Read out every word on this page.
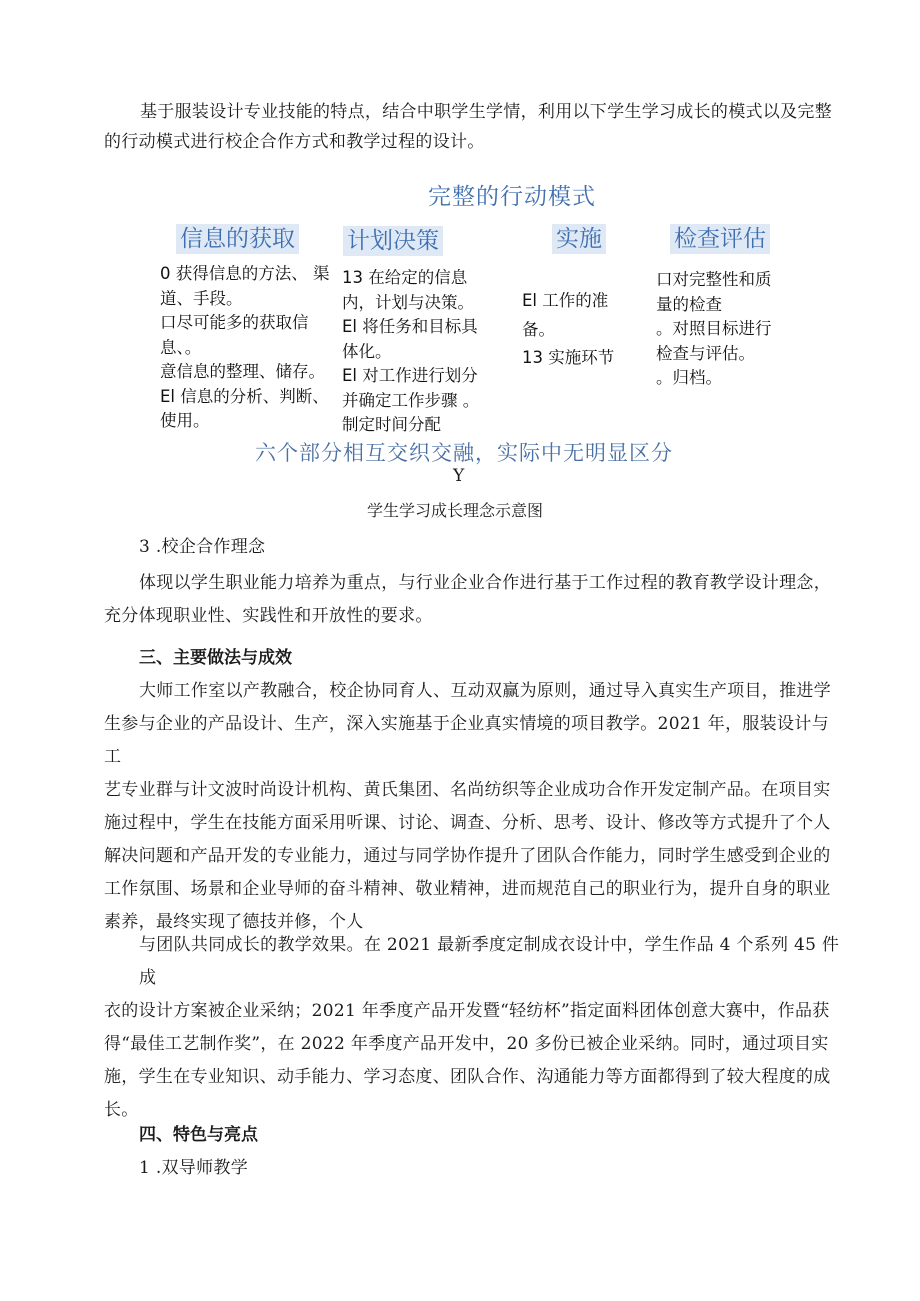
基于服装设计专业技能的特点，结合中职学生学情，利用以下学生学习成长的模式以及完整
的行动模式进行校企合作方式和教学过程的设计。
完整的行动模式
信息的获取 计划决策	实施	检查评估
0 获得信息的方法、 渠
道、手段。
口尽可能多的获取信
息、。
意信息的整理、储存。
El 信息的分析、判断、
使用。
13 在给定的信息
内，计划与决策。
El 将任务和目标具
体化。
El 对工作进行划分
并确定工作步骤 。
制定时间分配
El 工作的准
备。
13 实施环节
口对完整性和质
量的检查
。对照目标进行
检查与评估。
。归档。
六个部分相互交织交融，实际中无明显区分
Y
学生学习成长理念示意图
3 .校企合作理念
体现以学生职业能力培养为重点，与行业企业合作进行基于工作过程的教育教学设计理念，
充分体现职业性、实践性和开放性的要求。
三、主要做法与成效
大师工作室以产教融合，校企协同育人、互动双赢为原则，通过导入真实生产项目，推进学
生参与企业的产品设计、生产，深入实施基于企业真实情境的项目教学。2021 年，服装设计与工
艺专业群与计文波时尚设计机构、黄氏集团、名尚纺织等企业成功合作开发定制产品。在项目实
施过程中，学生在技能方面采用听课、讨论、调查、分析、思考、设计、修改等方式提升了个人
解决问题和产品开发的专业能力，通过与同学协作提升了团队合作能力，同时学生感受到企业的
工作氛围、场景和企业导师的奋斗精神、敬业精神，进而规范自己的职业行为，提升自身的职业
素养，最终实现了德技并修，个人
与团队共同成长的教学效果。在 2021 最新季度定制成衣设计中，学生作品 4 个系列 45 件成
衣的设计方案被企业采纳；2021 年季度产品开发暨“轻纺杯”指定面料团体创意大赛中，作品获
得“最佳工艺制作奖”，在 2022 年季度产品开发中，20 多份已被企业采纳。同时，通过项目实
施，学生在专业知识、动手能力、学习态度、团队合作、沟通能力等方面都得到了较大程度的成
长。
四、特色与亮点
1 .双导师教学
